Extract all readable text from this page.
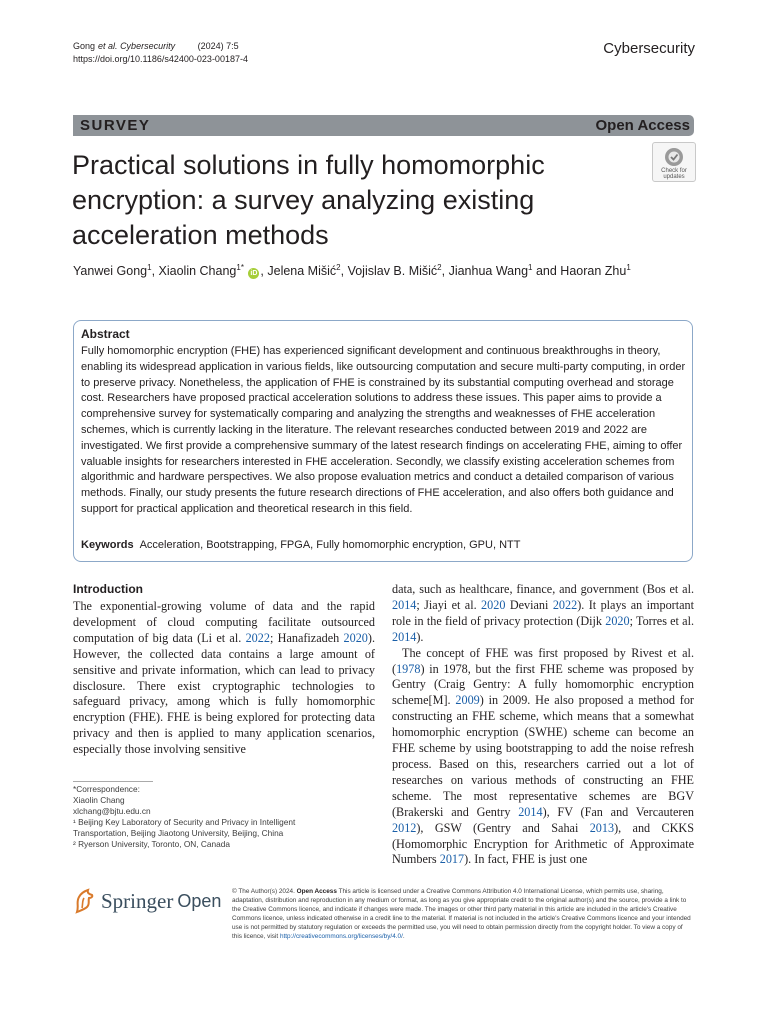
Gong et al. Cybersecurity	(2024) 7:5
https://doi.org/10.1186/s42400-023-00187-4
Cybersecurity
SURVEY	Open Access
Practical solutions in fully homomorphic encryption: a survey analyzing existing acceleration methods
Check for
updates
Yanwei Gong$^1$, Xiaolin Chang$^{1*}$ iD , Jelena Mišić$^2$, Vojislav B. Mišić$^2$, Jianhua Wang$^1$ and Haoran Zhu$^1$
Abstract

Fully homomorphic encryption (FHE) has experienced significant development and continuous breakthroughs in theory, enabling its widespread application in various fields, like outsourcing computation and secure multi-party computing, in order to preserve privacy. Nonetheless, the application of FHE is constrained by its substantial computing overhead and storage cost. Researchers have proposed practical acceleration solutions to address these issues. This paper aims to provide a comprehensive survey for systematically comparing and analyzing the strengths and weaknesses of FHE acceleration schemes, which is currently lacking in the literature. The relevant researches conducted between 2019 and 2022 are investigated. We first provide a comprehensive summary of the latest research findings on accelerating FHE, aiming to offer valuable insights for researchers interested in FHE acceleration. Secondly, we classify existing acceleration schemes from algorithmic and hardware perspectives. We also propose evaluation metrics and conduct a detailed comparison of various methods. Finally, our study presents the future research directions of FHE acceleration, and also offers both guidance and support for practical application and theoretical research in this field.

Keywords Acceleration, Bootstrapping, FPGA, Fully homomorphic encryption, GPU, NTT
Introduction

The exponential-growing volume of data and the rapid development of cloud computing facilitate outsourced computation of big data (Li et al. 2022; Hanafizadeh 2020). However, the collected data contains a large amount of sensitive and private information, which can lead to privacy disclosure. There exist cryptographic technologies to safeguard privacy, among which is fully homomorphic encryption (FHE). FHE is being explored for protecting data privacy and then is applied to many application scenarios, especially those involving sensitive

data, such as healthcare, finance, and government (Bos et al. 2014; Jiayi et al. 2020 Deviani 2022). It plays an important role in the field of privacy protection (Dijk 2020; Torres et al. 2014).

The concept of FHE was first proposed by Rivest et al. (1978) in 1978, but the first FHE scheme was proposed by Gentry (Craig Gentry: A fully homomorphic encryption scheme[M]. 2009) in 2009. He also proposed a method for constructing an FHE scheme, which means that a somewhat homomorphic encryption (SWHE) scheme can become an FHE scheme by using bootstrapping to add the noise refresh process. Based on this, researchers carried out a lot of researches on various methods of constructing an FHE scheme. The most representative schemes are BGV (Brakerski and Gentry 2014), FV (Fan and Vercauteren 2012), GSW (Gentry and Sahai 2013), and CKKS (Homomorphic Encryption for Arithmetic of Approximate Numbers 2017). In fact, FHE is just one

*Correspondence:
Xiaolin Chang
xlchang@bjtu.edu.cn
¹ Beijing Key Laboratory of Security and Privacy in Intelligent
Transportation, Beijing Jiaotong University, Beijing, China
² Ryerson University, Toronto, ON, Canada
Springer Open © The Author(s) 2024. Open Access This article is licensed under a Creative Commons Attribution 4.0 International License, which permits use, sharing, adaptation, distribution and reproduction in any medium or format, as long as you give appropriate credit to the original author(s) and the source, provide a link to the Creative Commons licence, and indicate if changes were made. The images or other third party material in this article are included in the article's Creative Commons licence, unless indicated otherwise in a credit line to the material. If material is not included in the article's Creative Commons licence and your intended use is not permitted by statutory regulation or exceeds the permitted use, you will need to obtain permission directly from the copyright holder. To view a copy of this licence, visit http://creativecommons.org/licenses/by/4.0/.
